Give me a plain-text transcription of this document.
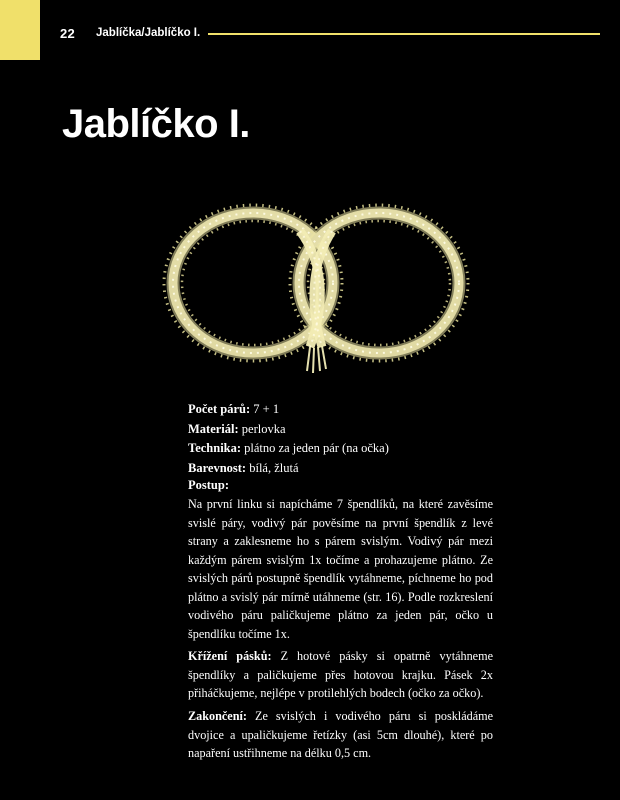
22	Jablíčka/Jablíčko I.
Jablíčko I.

Počet párů: 7 + 1

Materiál: perlovka

Technika: plátno za jeden pár (na očka)

Barevnost: bílá, žlutá

Postup:

Na první linku si napícháme 7 špendlíků, na které zavěsíme svislé páry, vodivý pár pověsíme na první špendlík z levé strany a zaklesneme ho s párem svislým. Vodivý pár mezi každým párem svislým 1x točíme a prohazujeme plátno. Ze svislých párů postupně špendlík vytáhneme, píchneme ho pod plátno a svislý pár mírně utáhneme (str. 16). Podle rozkreslení vodivého páru paličkujeme plátno za jeden pár, očko u špendlíku točíme 1x.

Křížení pásků: Z hotové pásky si opatrně vytáhneme špendlíky a paličkujeme přes hotovou krajku. Pásek 2x přiháčkujeme, nejlépe v protilehlých bodech (očko za očko).

Zakončení: Ze svislých i vodivého páru si poskládáme dvojice a upaličkujeme řetízky (asi 5cm dlouhé), které po napaření ustřihneme na délku 0,5 cm.
